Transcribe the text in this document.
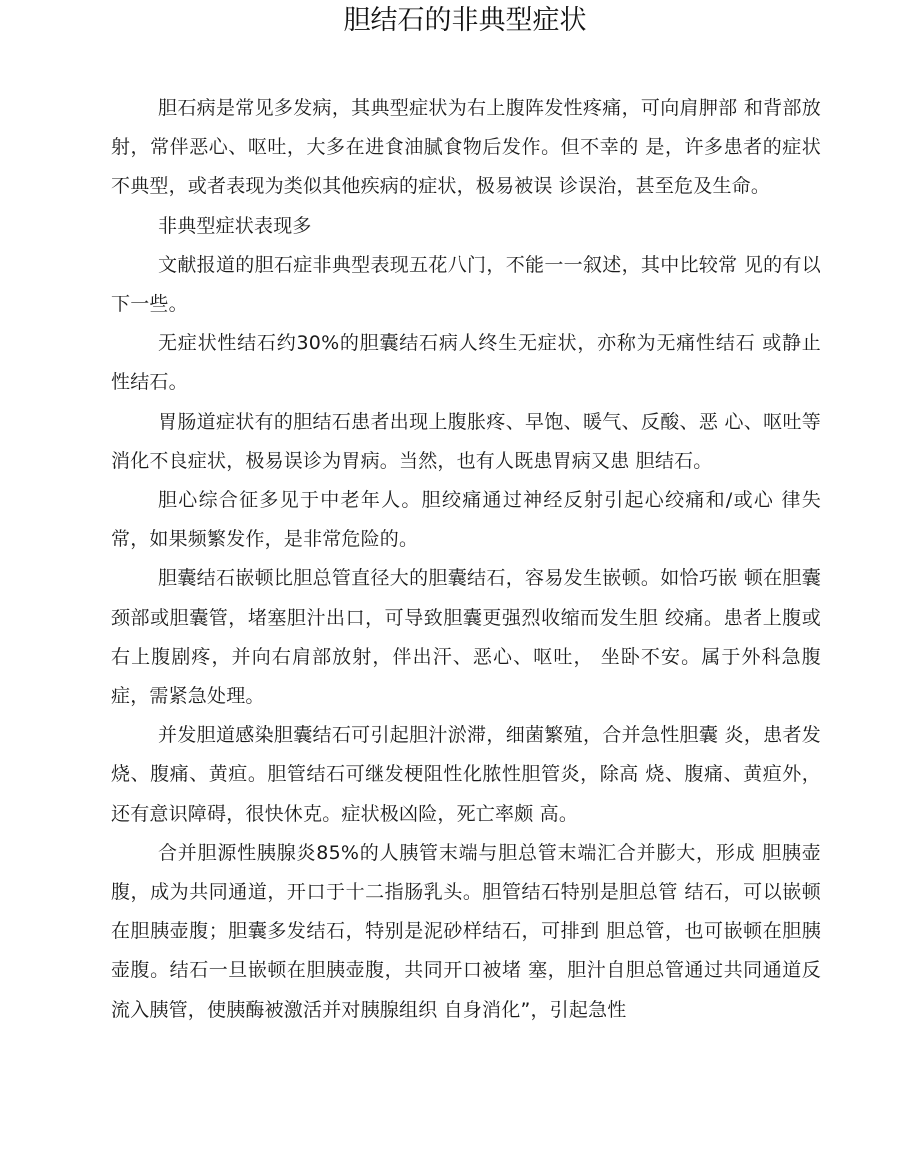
胆结石的非典型症状

胆石病是常见多发病，其典型症状为右上腹阵发性疼痛，可向肩胛部 和背部放射，常伴恶心、呕吐，大多在进食油腻食物后发作。但不幸的 是，许多患者的症状不典型，或者表现为类似其他疾病的症状，极易被误 诊误治，甚至危及生命。

非典型症状表现多

文献报道的胆石症非典型表现五花八门，不能一一叙述，其中比较常 见的有以下一些。

无症状性结石约30%的胆囊结石病人终生无症状，亦称为无痛性结石 或静止性结石。

胃肠道症状有的胆结石患者出现上腹胀疼、早饱、暖气、反酸、恶 心、呕吐等消化不良症状，极易误诊为胃病。当然，也有人既患胃病又患 胆结石。

胆心综合征多见于中老年人。胆绞痛通过神经反射引起心绞痛和/或心 律失常，如果频繁发作，是非常危险的。

胆囊结石嵌顿比胆总管直径大的胆囊结石，容易发生嵌顿。如恰巧嵌 顿在胆囊颈部或胆囊管，堵塞胆汁出口，可导致胆囊更强烈收缩而发生胆 绞痛。患者上腹或右上腹剧疼，并向右肩部放射，伴出汗、恶心、呕吐， 坐卧不安。属于外科急腹症，需紧急处理。

并发胆道感染胆囊结石可引起胆汁淤滞，细菌繁殖，合并急性胆囊 炎，患者发烧、腹痛、黄疸。胆管结石可继发梗阻性化脓性胆管炎，除高 烧、腹痛、黄疸外，还有意识障碍，很快休克。症状极凶险，死亡率颇 高。

合并胆源性胰腺炎85%的人胰管末端与胆总管末端汇合并膨大，形成 胆胰壶腹，成为共同通道，开口于十二指肠乳头。胆管结石特别是胆总管 结石，可以嵌顿在胆胰壶腹；胆囊多发结石，特别是泥砂样结石，可排到 胆总管，也可嵌顿在胆胰壶腹。结石一旦嵌顿在胆胰壶腹，共同开口被堵 塞，胆汁自胆总管通过共同通道反流入胰管，使胰酶被激活并对胰腺组织 自身消化”，引起急性
